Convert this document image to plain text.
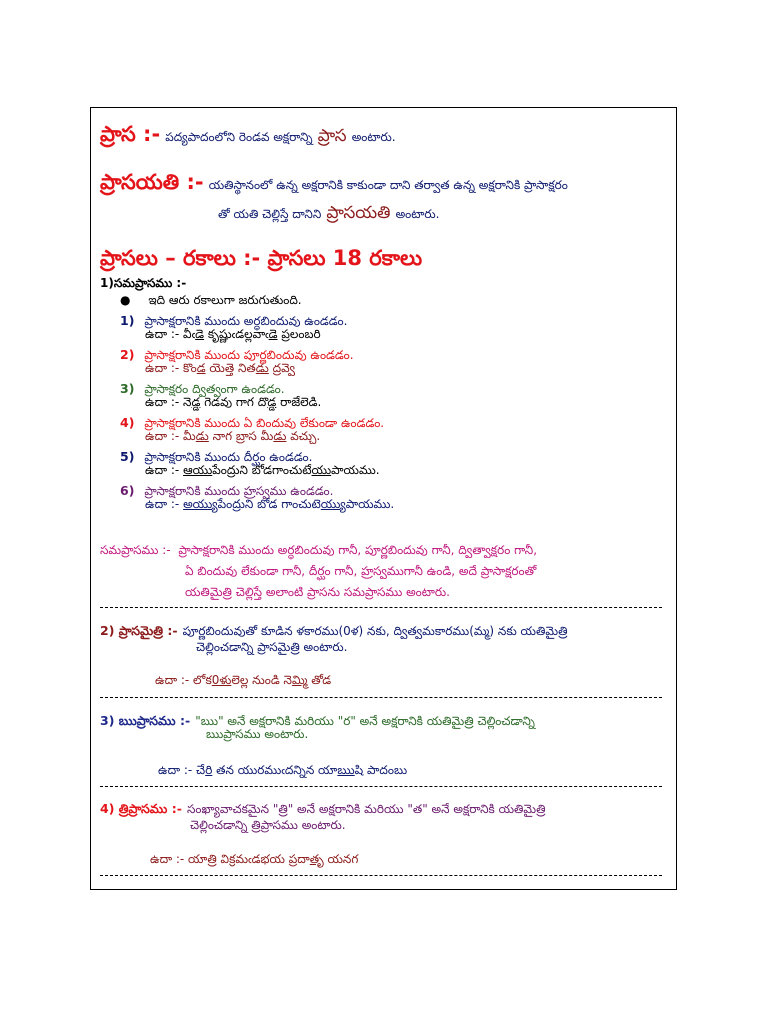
ప్రాస :- పద్యపాదంలోని రెండవ అక్షరాన్ని ప్రాస అంటారు.
ప్రాసయతి :- యతిస్థానంలో ఉన్న అక్షరానికి కాకుండా దాని తర్వాత ఉన్న అక్షరానికి ప్రాసాక్షరం
తో యతి చెల్లిస్తే దానిని ప్రాసయతి అంటారు.
ప్రాసలు – రకాలు :- ప్రాసలు 18 రకాలు
1)సమప్రాసము :-
● ఇది ఆరు రకాలుగా జరుగుతుంది.
1) ప్రాసాక్షరానికి ముందు అర్ధబిందువు ఉండడం.
ఉదా :- వీఁడె కృష్ణుఁడల్లవాఁడె ప్రలంబరి
2) ప్రాసాక్షరానికి ముందు పూర్ణబిందువు ఉండడం.
ఉదా :- కొండ యెత్తె నితడు ద్రవ్వె
3) ప్రాసాక్షరం ద్విత్వంగా ఉండడం.
ఉదా :- నెడ్డ గెడవు గాగ దొడ్డ రాజేలెడి.
4) ప్రాసాక్షరానికి ముందు ఏ బిందువు లేకుండా ఉండడం.
ఉదా :- మీడు నాగ బ్రాస మీడు వచ్చు.
5) ప్రాసాక్షరానికి ముందు దీర్ఘం ఉండడం.
ఉదా :- ఆయుపేంద్రుని బోడగాంచుటేయుపాయము.
6) ప్రాసాక్షరానికి ముందు హ్రస్వము ఉండడం.
ఉదా :- అయ్యుపేంద్రుని బోడ గాంచుటెయ్యుపాయము.
సమప్రాసము :- ప్రాసాక్షరానికి ముందు అర్ధబిందువు గానీ, పూర్ణబిందువు గానీ, ద్విత్వాక్షరం గానీ,
ఏ బిందువు లేకుండా గానీ, దీర్ఘం గానీ, హ్రస్వముగానీ ఉండి, అదే ప్రాసాక్షరంతో
యతిమైత్రి చెల్లిస్తే అలాంటి ప్రాసను సమప్రాసము అంటారు.
2) ప్రాసమైత్రి :- పూర్ణబిందువుతో కూడిన ళకారము(0ళ) నకు, ద్విత్వమకారము(మ్మ) నకు యతిమైత్రి
చెల్లించడాన్ని ప్రాసమైత్రి అంటారు.
ఉదా :- లోక0ళులెల్ల నుండి నెమ్మి తోడ
3) ఋప్రాసము :- "ఋ" అనే అక్షరానికి మరియు "ర" అనే అక్షరానికి యతిమైత్రి చెల్లించడాన్ని
ఋప్రాసము అంటారు.
ఉదా :- చేరి తన యురముఁదన్నిన యాఋషి పాదంబు
4) త్రిప్రాసము :- సంఖ్యావాచకమైన "త్రి" అనే అక్షరానికి మరియు "త" అనే అక్షరానికి యతిమైత్రి
చెల్లించడాన్ని త్రిప్రాసము అంటారు.
ఉదా :- యాత్రి విక్రమఁడభయ ప్రదాతృ యనగ
